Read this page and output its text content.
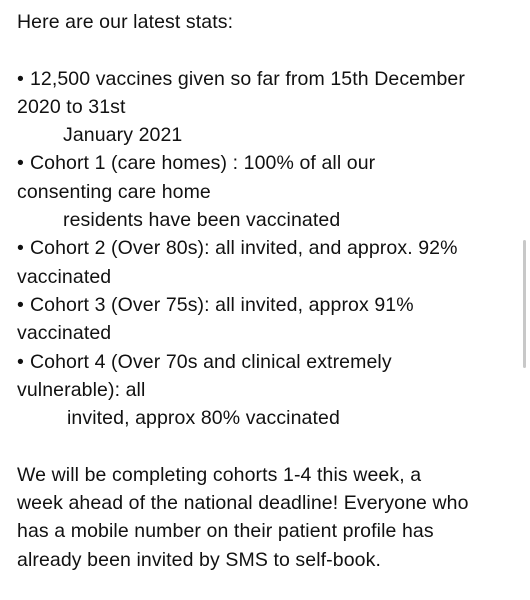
Here are our latest stats:
• 12,500 vaccines given so far from 15th December
2020 to 31st
January 2021
• Cohort 1 (care homes) : 100% of all our
consenting care home
residents have been vaccinated
• Cohort 2 (Over 80s): all invited, and approx. 92%
vaccinated
• Cohort 3 (Over 75s): all invited, approx 91%
vaccinated
• Cohort 4 (Over 70s and clinical extremely
vulnerable): all
invited, approx 80% vaccinated
We will be completing cohorts 1-4 this week, a
week ahead of the national deadline! Everyone who
has a mobile number on their patient profile has
already been invited by SMS to self-book.
